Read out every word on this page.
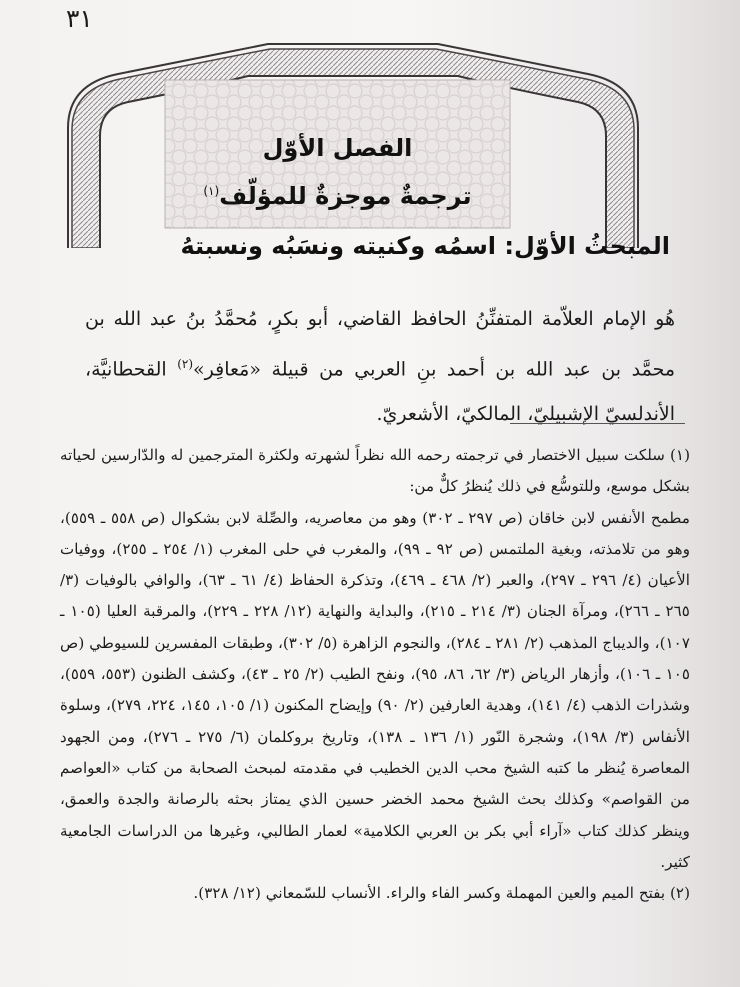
٣١
الفصل الأوّل
ترجمةٌ موجزةٌ للمؤلّف$^{(١)}$
المبحثُ الأوّل: اسمُه وكنيته ونسَبُه ونسبتهُ

هُو الإمام العلاّمة المتفنِّنُ الحافظ القاضي، أبو بكرٍ، مُحمَّدُ بنُ عبد الله بن محمَّد بن عبد الله بن أحمد بنِ العربي من قبيلة «مَعافِر»$^{(٢)}$ القحطانيَّة، الأندلسيّ الإشبيليّ، المالكيّ، الأشعريّ.

(١) سلكت سبيل الاختصار في ترجمته رحمه الله نظراً لشهرته ولكثرة المترجمين له والدّارسين لحياته بشكل موسع، وللتوسُّع في ذلك يُنظرُ كلٌّ من:

مطمح الأنفس لابن خاقان (ص ٢٩٧ ـ ٣٠٢) وهو من معاصريه، والصِّلة لابن بشكوال (ص ٥٥٨ ـ ٥٥٩)، وهو من تلامذته، وبغية الملتمس (ص ٩٢ ـ ٩٩)، والمغرب في حلى المغرب (١/ ٢٥٤ ـ ٢٥٥)، ووفيات الأعيان (٤/ ٢٩٦ ـ ٢٩٧)، والعبر (٢/ ٤٦٨ ـ ٤٦٩)، وتذكرة الحفاظ (٤/ ٦١ ـ ٦٣)، والوافي بالوفيات (٣/ ٢٦٥ ـ ٢٦٦)، ومرآة الجنان (٣/ ٢١٤ ـ ٢١٥)، والبداية والنهاية (١٢/ ٢٢٨ ـ ٢٢٩)، والمرقبة العليا (١٠٥ ـ ١٠٧)، والديباج المذهب (٢/ ٢٨١ ـ ٢٨٤)، والنجوم الزاهرة (٥/ ٣٠٢)، وطبقات المفسرين للسيوطي (ص ١٠٥ ـ ١٠٦)، وأزهار الرياض (٣/ ٦٢، ٨٦، ٩٥)، ونفح الطيب (٢/ ٢٥ ـ ٤٣)، وكشف الظنون (٥٥٣، ٥٥٩)، وشذرات الذهب (٤/ ١٤١)، وهدية العارفين (٢/ ٩٠) وإيضاح المكنون (١/ ١٠٥، ١٤٥، ٢٢٤، ٢٧٩)، وسلوة الأنفاس (٣/ ١٩٨)، وشجرة النّور (١/ ١٣٦ ـ ١٣٨)، وتاريخ بروكلمان (٦/ ٢٧٥ ـ ٢٧٦)، ومن الجهود المعاصرة يُنظر ما كتبه الشيخ محب الدين الخطيب في مقدمته لمبحث الصحابة من كتاب «العواصم من القواصم» وكذلك بحث الشيخ محمد الخضر حسين الذي يمتاز بحثه بالرصانة والجدة والعمق، وينظر كذلك كتاب «آراء أبي بكر بن العربي الكلامية» لعمار الطالبي، وغيرها من الدراسات الجامعية كثير.

(٢) بفتح الميم والعين المهملة وكسر الفاء والراء. الأنساب للسّمعاني (١٢/ ٣٢٨).
